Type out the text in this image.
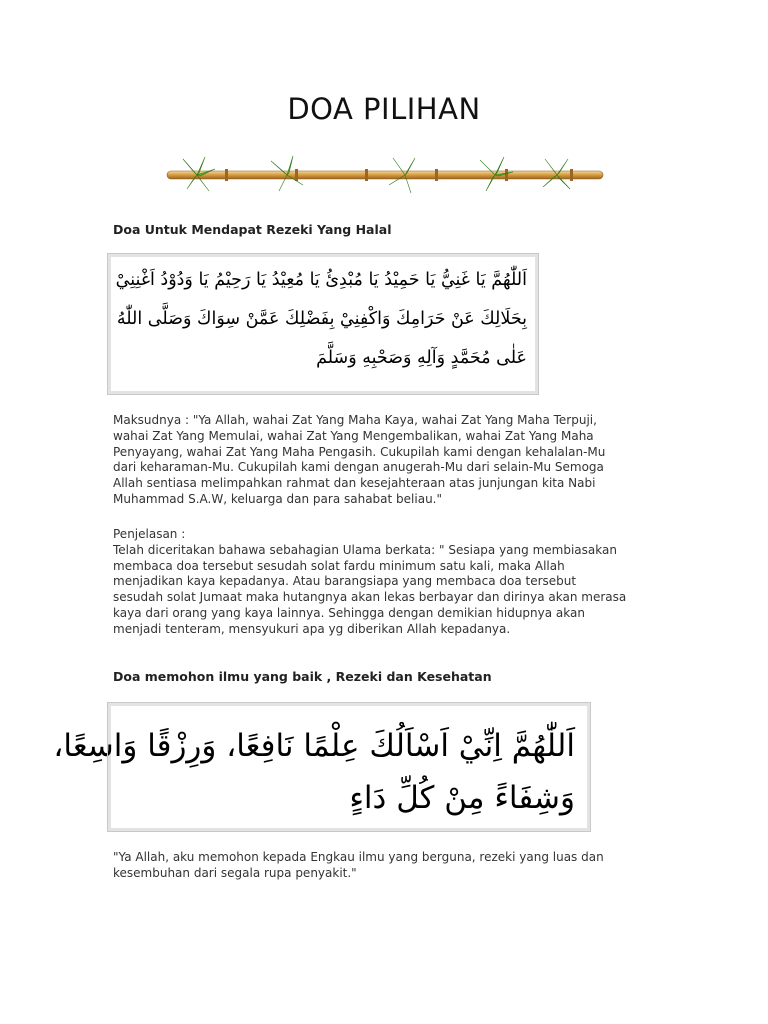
DOA PILIHAN
Doa Untuk Mendapat Rezeki Yang Halal
اَللّٰهُمَّ يَا غَنِيُّ يَا حَمِيْدُ يَا مُبْدِئُ يَا مُعِيْدُ يَا رَحِيْمُ يَا وَدُوْدُ اَغْنِنِيْ
بِحَلَالِكَ عَنْ حَرَامِكَ وَاكْفِنِيْ بِفَضْلِكَ عَمَّنْ سِوَاكَ وَصَلَّى اللّٰهُ
عَلٰى مُحَمَّدٍ وَآلِهِ وَصَحْبِهِ وَسَلَّمَ

Maksudnya : "Ya Allah, wahai Zat Yang Maha Kaya, wahai Zat Yang Maha Terpuji,

wahai Zat Yang Memulai, wahai Zat Yang Mengembalikan, wahai Zat Yang Maha

Penyayang, wahai Zat Yang Maha Pengasih. Cukupilah kami dengan kehalalan-Mu

dari keharaman-Mu. Cukupilah kami dengan anugerah-Mu dari selain-Mu Semoga

Allah sentiasa melimpahkan rahmat dan kesejahteraan atas junjungan kita Nabi

Muhammad S.A.W, keluarga dan para sahabat beliau."

Penjelasan :

Telah diceritakan bahawa sebahagian Ulama berkata: " Sesiapa yang membiasakan

membaca doa tersebut sesudah solat fardu minimum satu kali, maka Allah

menjadikan kaya kepadanya. Atau barangsiapa yang membaca doa tersebut

sesudah solat Jumaat maka hutangnya akan lekas berbayar dan dirinya akan merasa

kaya dari orang yang kaya lainnya. Sehingga dengan demikian hidupnya akan

menjadi tenteram, mensyukuri apa yg diberikan Allah kepadanya.

Doa memohon ilmu yang baik , Rezeki dan Kesehatan
اَللّٰهُمَّ اِنِّيْ اَسْاَلُكَ عِلْمًا نَافِعًا، وَرِزْقًا وَاسِعًا،
وَشِفَاءً مِنْ كُلِّ دَاءٍ

"Ya Allah, aku memohon kepada Engkau ilmu yang berguna, rezeki yang luas dan

kesembuhan dari segala rupa penyakit."
